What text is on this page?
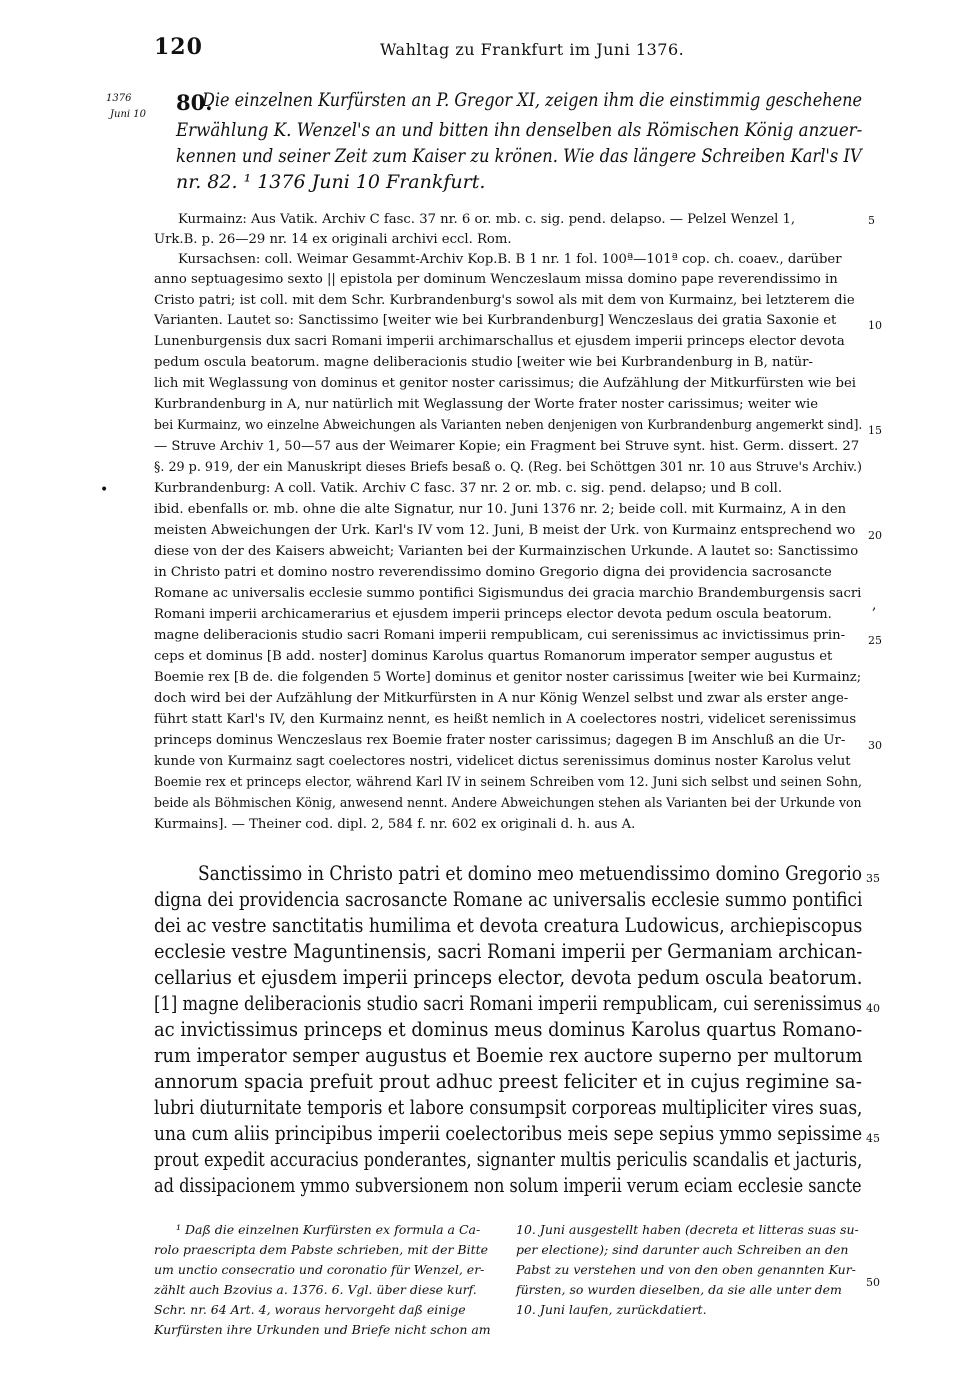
120	Wahltag zu Frankfurt im Juni 1376.
1376
Juni 10 80.
Die einzelnen Kurfürsten an P. Gregor XI, zeigen ihm die einstimmig geschehene
Erwählung K. Wenzel's an und bitten ihn denselben als Römischen König anzuer-
kennen und seiner Zeit zum Kaiser zu krönen. Wie das längere Schreiben Karl's IV
nr. 82. ¹ 1376 Juni 10 Frankfurt.
Kurmainz: Aus Vatik. Archiv C fasc. 37 nr. 6 or. mb. c. sig. pend. delapso. — Pelzel Wenzel 1,
Urk.B. p. 26—29 nr. 14 ex originali archivi eccl. Rom.
Kursachsen: coll. Weimar Gesammt-Archiv Kop.B. B 1 nr. 1 fol. 100ª—101ª cop. ch. coaev., darüber
anno septuagesimo sexto || epistola per dominum Wenczeslaum missa domino pape reverendissimo in
Cristo patri; ist coll. mit dem Schr. Kurbrandenburg's sowol als mit dem von Kurmainz, bei letzterem die
Varianten. Lautet so: Sanctissimo [weiter wie bei Kurbrandenburg] Wenczeslaus dei gratia Saxonie et
Lunenburgensis dux sacri Romani imperii archimarschallus et ejusdem imperii princeps elector devota
pedum oscula beatorum. magne deliberacionis studio [weiter wie bei Kurbrandenburg in B, natür-
lich mit Weglassung von dominus et genitor noster carissimus; die Aufzählung der Mitkurfürsten wie bei
Kurbrandenburg in A, nur natürlich mit Weglassung der Worte frater noster carissimus; weiter wie
bei Kurmainz, wo einzelne Abweichungen als Varianten neben denjenigen von Kurbrandenburg angemerkt sind].
— Struve Archiv 1, 50—57 aus der Weimarer Kopie; ein Fragment bei Struve synt. hist. Germ. dissert. 27
§. 29 p. 919, der ein Manuskript dieses Briefs besaß o. Q. (Reg. bei Schöttgen 301 nr. 10 aus Struve's Archiv.)
Kurbrandenburg: A coll. Vatik. Archiv C fasc. 37 nr. 2 or. mb. c. sig. pend. delapso; und B coll.
ibid. ebenfalls or. mb. ohne die alte Signatur, nur 10. Juni 1376 nr. 2; beide coll. mit Kurmainz, A in den
meisten Abweichungen der Urk. Karl's IV vom 12. Juni, B meist der Urk. von Kurmainz entsprechend wo
diese von der des Kaisers abweicht; Varianten bei der Kurmainzischen Urkunde. A lautet so: Sanctissimo
in Christo patri et domino nostro reverendissimo domino Gregorio digna dei providencia sacrosancte
Romane ac universalis ecclesie summo pontifici Sigismundus dei gracia marchio Brandemburgensis sacri
Romani imperii archicamerarius et ejusdem imperii princeps elector devota pedum oscula beatorum.
magne deliberacionis studio sacri Romani imperii rempublicam, cui serenissimus ac invictissimus prin-
ceps et dominus [B add. noster] dominus Karolus quartus Romanorum imperator semper augustus et
Boemie rex [B de. die folgenden 5 Worte] dominus et genitor noster carissimus [weiter wie bei Kurmainz;
doch wird bei der Aufzählung der Mitkurfürsten in A nur König Wenzel selbst und zwar als erster ange-
führt statt Karl's IV, den Kurmainz nennt, es heißt nemlich in A coelectores nostri, videlicet serenissimus
princeps dominus Wenczeslaus rex Boemie frater noster carissimus; dagegen B im Anschluß an die Ur-
kunde von Kurmainz sagt coelectores nostri, videlicet dictus serenissimus dominus noster Karolus velut
Boemie rex et princeps elector, während Karl IV in seinem Schreiben vom 12. Juni sich selbst und seinen Sohn,
beide als Böhmischen König, anwesend nennt. Andere Abweichungen stehen als Varianten bei der Urkunde von
Kurmains]. — Theiner cod. dipl. 2, 584 f. nr. 602 ex originali d. h. aus A.
Sanctissimo in Christo patri et domino meo metuendissimo domino Gregorio
digna dei providencia sacrosancte Romane ac universalis ecclesie summo pontifici
dei ac vestre sanctitatis humilima et devota creatura Ludowicus, archiepiscopus
ecclesie vestre Maguntinensis, sacri Romani imperii per Germaniam archican-
cellarius et ejusdem imperii princeps elector, devota pedum oscula beatorum.
[1] magne deliberacionis studio sacri Romani imperii rempublicam, cui serenissimus
ac invictissimus princeps et dominus meus dominus Karolus quartus Romano-
rum imperator semper augustus et Boemie rex auctore superno per multorum
annorum spacia prefuit prout adhuc preest feliciter et in cujus regimine sa-
lubri diuturnitate temporis et labore consumpsit corporeas multipliciter vires suas,
una cum aliis principibus imperii coelectoribus meis sepe sepius ymmo sepissime
prout expedit accuracius ponderantes, signanter multis periculis scandalis et jacturis,
ad dissipacionem ymmo subversionem non solum imperii verum eciam ecclesie sancte
¹ Daß die einzelnen Kurfürsten ex formula a Ca-
rolo praescripta dem Pabste schrieben, mit der Bitte
um unctio consecratio und coronatio für Wenzel, er-
zählt auch Bzovius a. 1376. 6. Vgl. über diese kurf.
Schr. nr. 64 Art. 4, woraus hervorgeht daß einige
Kurfürsten ihre Urkunden und Briefe nicht schon am
10. Juni ausgestellt haben (decreta et litteras suas su-
per electione); sind darunter auch Schreiben an den
Pabst zu verstehen und von den oben genannten Kur-
fürsten, so wurden dieselben, da sie alle unter dem
10. Juni laufen, zurückdatiert.
5
10
15
20
25
30
35
40
45
50
•
,
